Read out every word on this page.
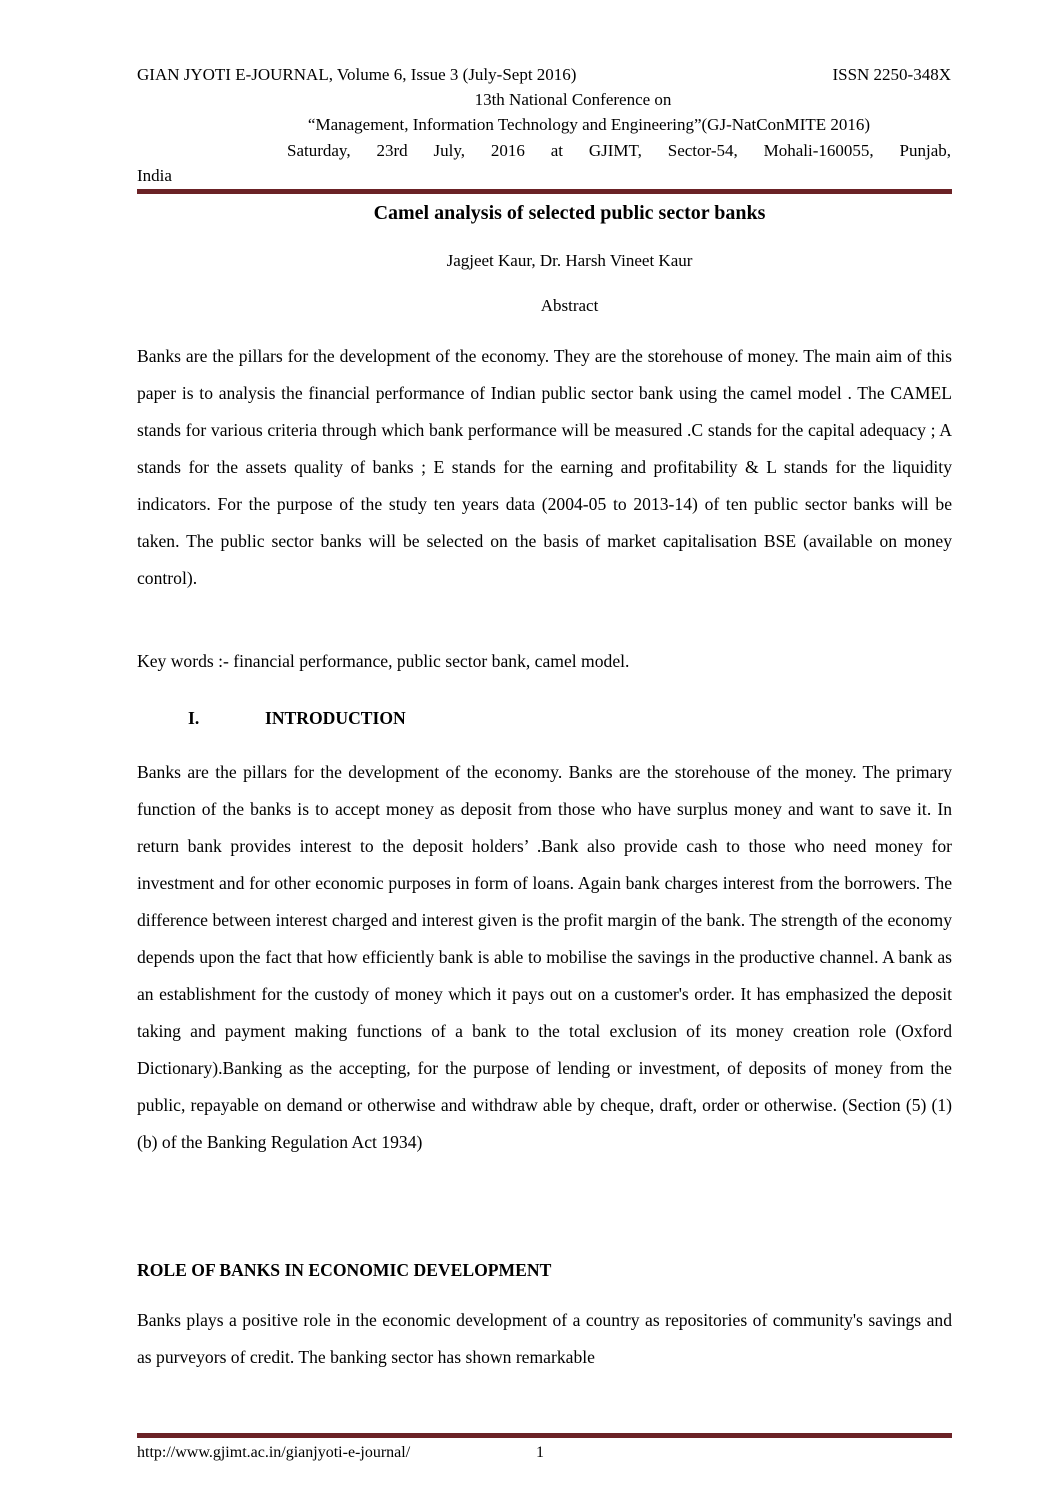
GIAN JYOTI E-JOURNAL, Volume 6, Issue 3 (July-Sept 2016)	ISSN 2250-348X
13th National Conference on
“Management, Information Technology and Engineering”(GJ-NatConMITE 2016)
Saturday, 23rd July, 2016 at GJIMT, Sector-54, Mohali-160055, Punjab,
India
Camel analysis of selected public sector banks
Jagjeet Kaur, Dr. Harsh Vineet Kaur
Abstract

Banks are the pillars for the development of the economy. They are the storehouse of money. The main aim of this paper is to analysis the financial performance of Indian public sector bank using the camel model . The CAMEL stands for various criteria through which bank performance will be measured .C stands for the capital adequacy ; A stands for the assets quality of banks ; E stands for the earning and profitability & L stands for the liquidity indicators. For the purpose of the study ten years data (2004-05 to 2013-14) of ten public sector banks will be taken. The public sector banks will be selected on the basis of market capitalisation BSE (available on money control).

Key words :- financial performance, public sector bank, camel model.
I.	INTRODUCTION

Banks are the pillars for the development of the economy. Banks are the storehouse of the money. The primary function of the banks is to accept money as deposit from those who have surplus money and want to save it. In return bank provides interest to the deposit holders’ .Bank also provide cash to those who need money for investment and for other economic purposes in form of loans. Again bank charges interest from the borrowers. The difference between interest charged and interest given is the profit margin of the bank. The strength of the economy depends upon the fact that how efficiently bank is able to mobilise the savings in the productive channel. A bank as an establishment for the custody of money which it pays out on a customer's order. It has emphasized the deposit taking and payment making functions of a bank to the total exclusion of its money creation role (Oxford Dictionary).Banking as the accepting, for the purpose of lending or investment, of deposits of money from the public, repayable on demand or otherwise and withdraw able by cheque, draft, order or otherwise. (Section (5) (1) (b) of the Banking Regulation Act 1934)

ROLE OF BANKS IN ECONOMIC DEVELOPMENT

Banks plays a positive role in the economic development of a country as repositories of community's savings and as purveyors of credit. The banking sector has shown remarkable

http://www.gjimt.ac.in/gianjyoti-e-journal/	1
